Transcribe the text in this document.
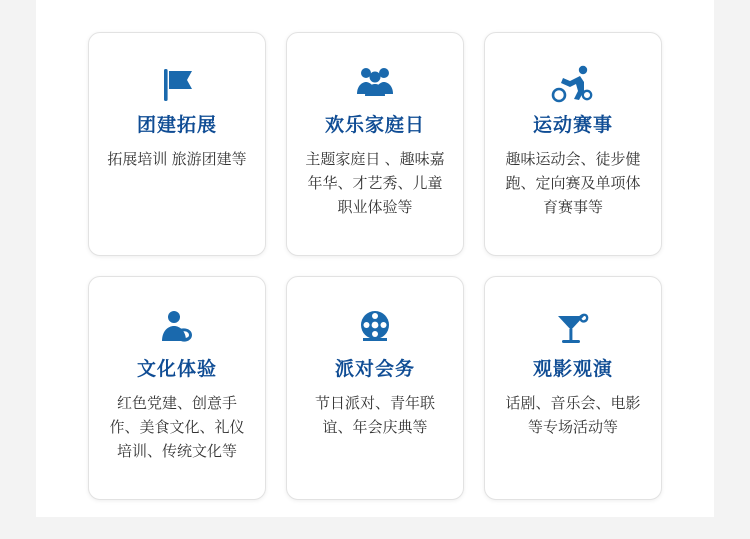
团建拓展
拓展培训 旅游团建等
欢乐家庭日
主题家庭日 、趣味嘉年华、才艺秀、儿童职业体验等
运动赛事
趣味运动会、徒步健跑、定向赛及单项体育赛事等
文化体验
红色党建、创意手作、美食文化、礼仪培训、传统文化等
派对会务
节日派对、青年联谊、年会庆典等
观影观演
话剧、音乐会、电影等专场活动等
